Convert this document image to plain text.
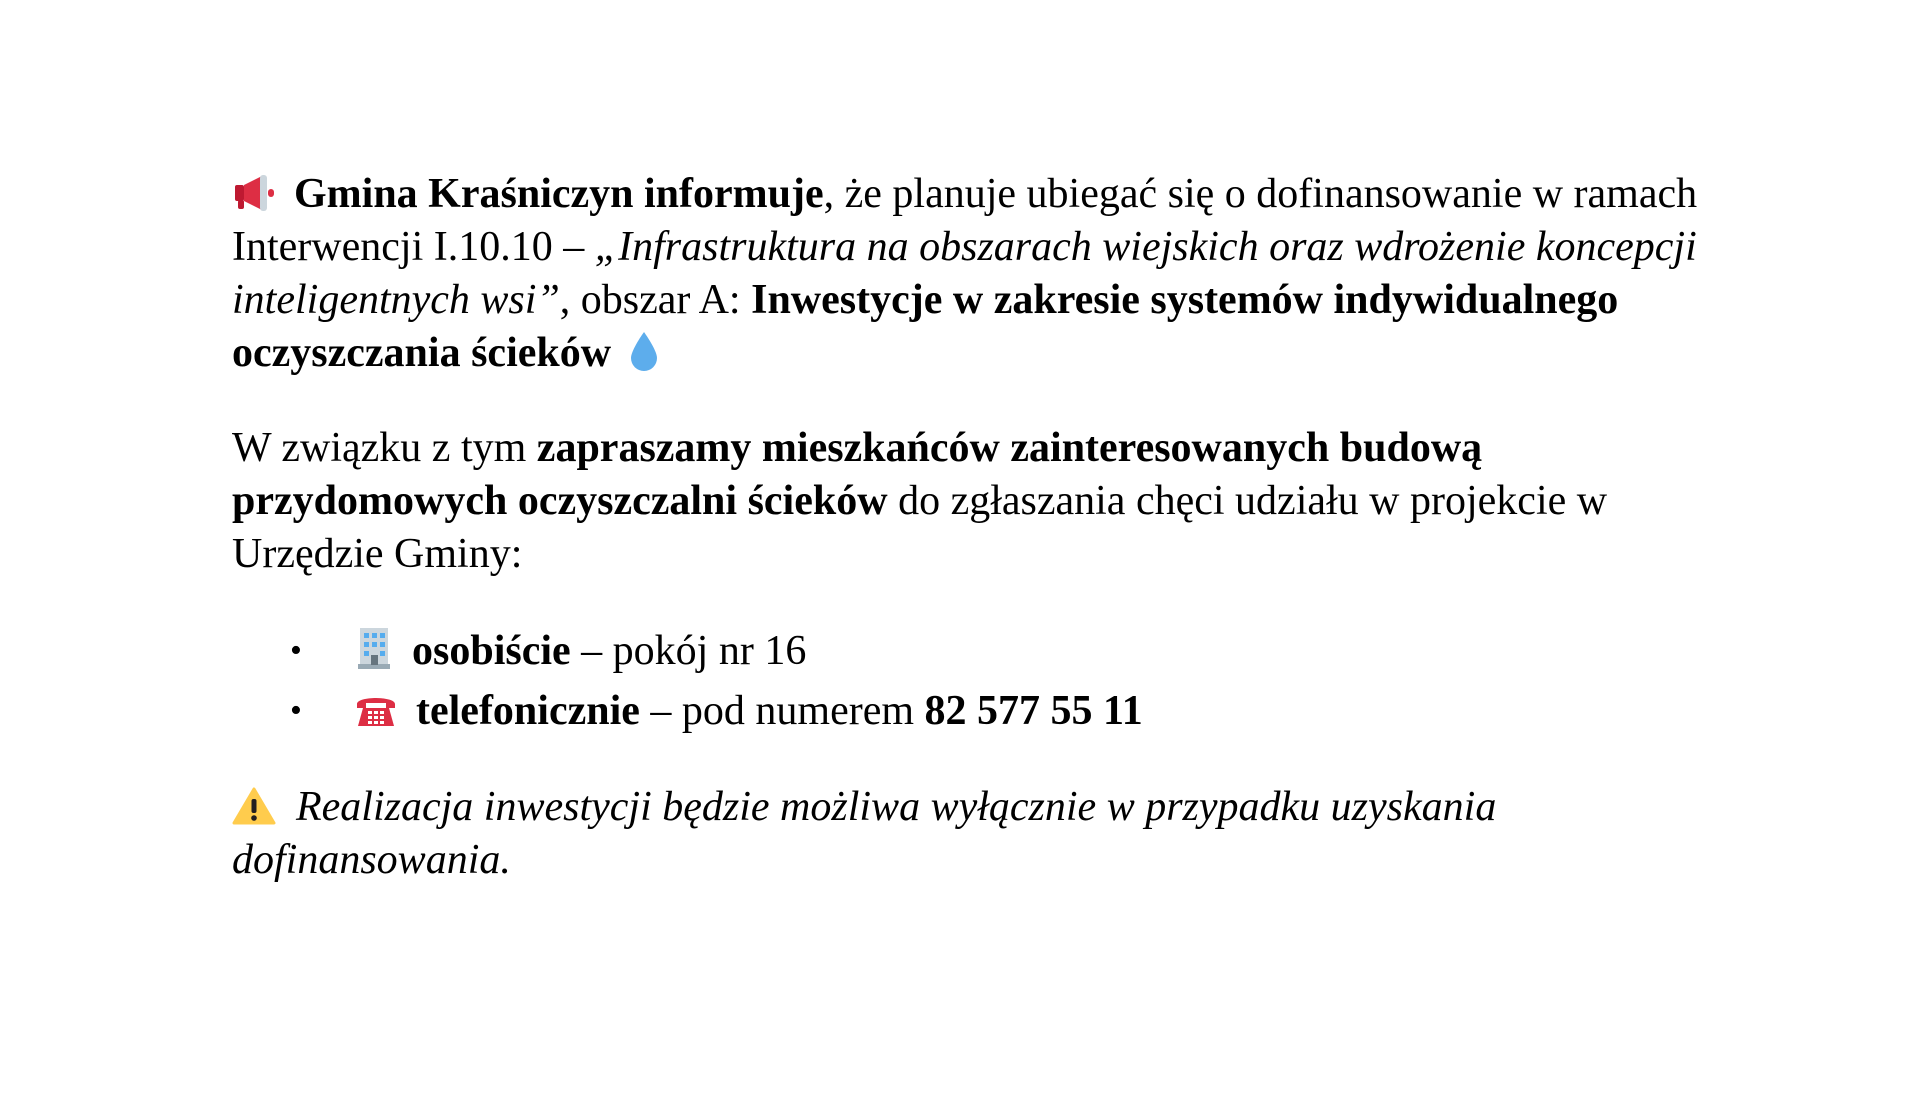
Gmina Kraśniczyn informuje, że planuje ubiegać się o dofinansowanie w ramach Interwencji I.10.10 – „Infrastruktura na obszarach wiejskich oraz wdrożenie koncepcji inteligentnych wsi”, obszar A: Inwestycje w zakresie systemów indywidualnego oczyszczania ścieków

W związku z tym zapraszamy mieszkańców zainteresowanych budową przydomowych oczyszczalni ścieków do zgłaszania chęci udziału w projekcie w Urzędzie Gminy:

•	osobiście – pokój nr 16
•	telefonicznie – pod numerem 82 577 55 11

Realizacja inwestycji będzie możliwa wyłącznie w przypadku uzyskania dofinansowania.
